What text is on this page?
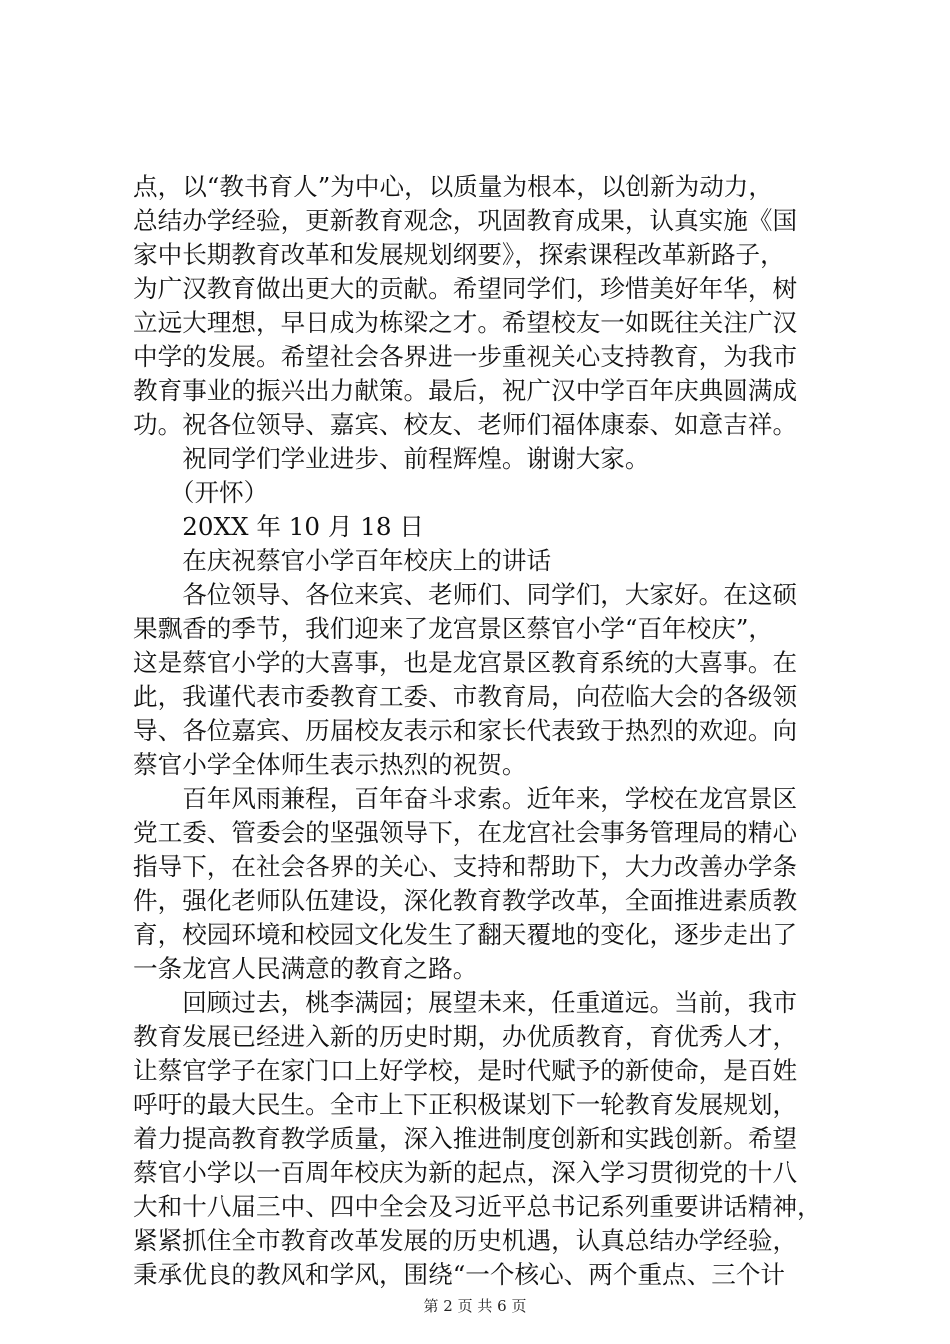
点，以“教书育人”为中心，以质量为根本，以创新为动力，
总结办学经验，更新教育观念，巩固教育成果，认真实施《国
家中长期教育改革和发展规划纲要》，探索课程改革新路子，
为广汉教育做出更大的贡献。希望同学们，珍惜美好年华，树
立远大理想，早日成为栋梁之才。希望校友一如既往关注广汉
中学的发展。希望社会各界进一步重视关心支持教育，为我市
教育事业的振兴出力献策。最后，祝广汉中学百年庆典圆满成
功。祝各位领导、嘉宾、校友、老师们福体康泰、如意吉祥。
　　祝同学们学业进步、前程辉煌。谢谢大家。
　　（开怀）
　　20XX 年 10 月 18 日
　　在庆祝蔡官小学百年校庆上的讲话
　　各位领导、各位来宾、老师们、同学们，大家好。在这硕
果飘香的季节，我们迎来了龙宫景区蔡官小学“百年校庆”，
这是蔡官小学的大喜事，也是龙宫景区教育系统的大喜事。在
此，我谨代表市委教育工委、市教育局，向莅临大会的各级领
导、各位嘉宾、历届校友表示和家长代表致于热烈的欢迎。向
蔡官小学全体师生表示热烈的祝贺。
　　百年风雨兼程，百年奋斗求索。近年来，学校在龙宫景区
党工委、管委会的坚强领导下，在龙宫社会事务管理局的精心
指导下，在社会各界的关心、支持和帮助下，大力改善办学条
件，强化老师队伍建设，深化教育教学改革，全面推进素质教
育，校园环境和校园文化发生了翻天覆地的变化，逐步走出了
一条龙宫人民满意的教育之路。
　　回顾过去，桃李满园；展望未来，任重道远。当前，我市
教育发展已经进入新的历史时期，办优质教育，育优秀人才，
让蔡官学子在家门口上好学校，是时代赋予的新使命，是百姓
呼吁的最大民生。全市上下正积极谋划下一轮教育发展规划，
着力提高教育教学质量，深入推进制度创新和实践创新。希望
蔡官小学以一百周年校庆为新的起点，深入学习贯彻党的十八
大和十八届三中、四中全会及习近平总书记系列重要讲话精神，
紧紧抓住全市教育改革发展的历史机遇，认真总结办学经验，
秉承优良的教风和学风，围绕“一个核心、两个重点、三个计
第 2 页 共 6 页
